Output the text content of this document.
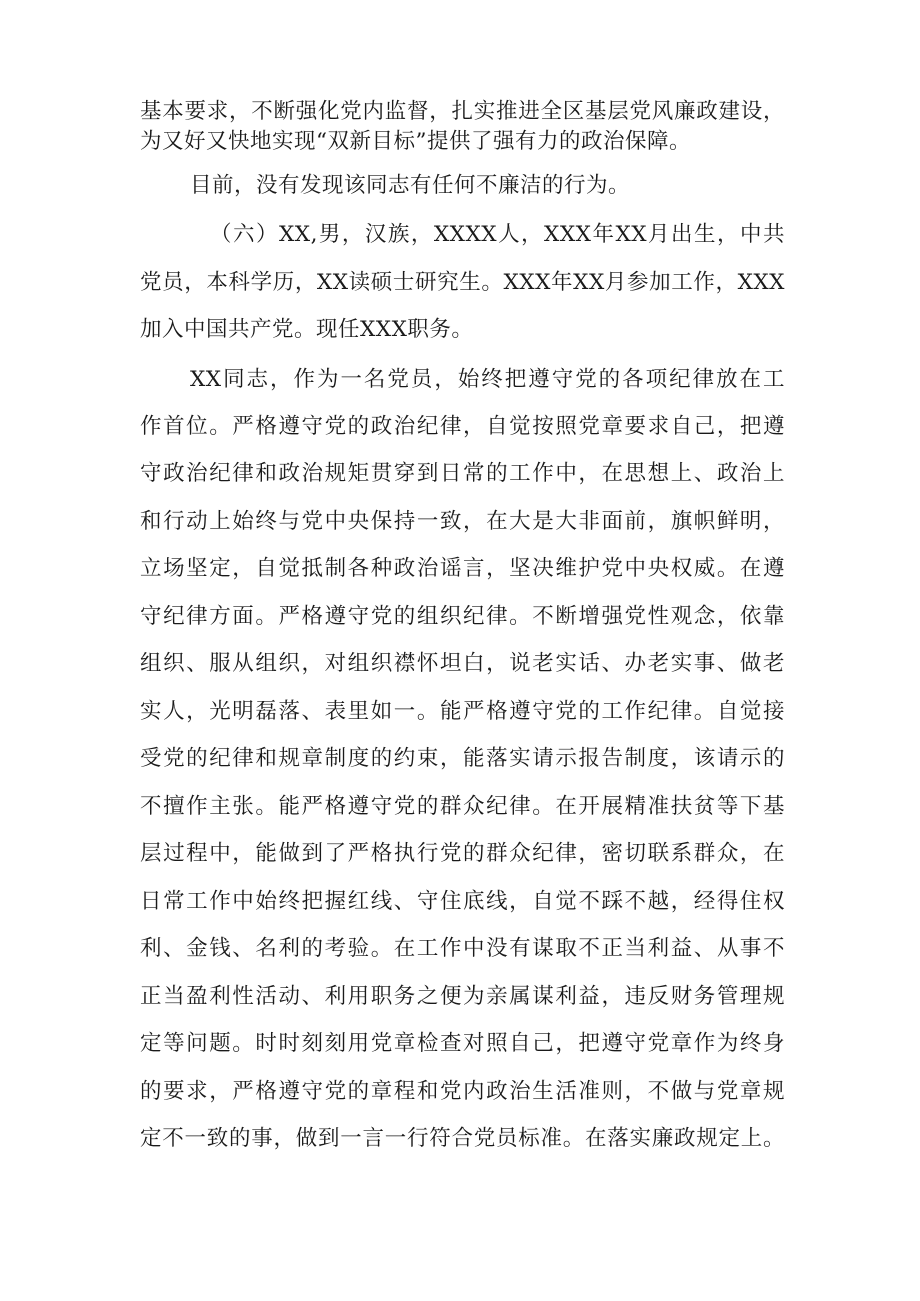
基本要求，不断强化党内监督，扎实推进全区基层党风廉政建设，
为又好又快地实现“双新目标”提供了强有力的政治保障。
目前，没有发现该同志有任何不廉洁的行为。
（六）XX,男，汉族，XXXX人，XXX年XX月出生，中共
党员，本科学历，XX读硕士研究生。XXX年XX月参加工作，XXX
加入中国共产党。现任XXX职务。
XX同志，作为一名党员，始终把遵守党的各项纪律放在工
作首位。严格遵守党的政治纪律，自觉按照党章要求自己，把遵
守政治纪律和政治规矩贯穿到日常的工作中，在思想上、政治上
和行动上始终与党中央保持一致，在大是大非面前，旗帜鲜明，
立场坚定，自觉抵制各种政治谣言，坚决维护党中央权威。在遵
守纪律方面。严格遵守党的组织纪律。不断增强党性观念，依靠
组织、服从组织，对组织襟怀坦白，说老实话、办老实事、做老
实人，光明磊落、表里如一。能严格遵守党的工作纪律。自觉接
受党的纪律和规章制度的约束，能落实请示报告制度，该请示的
不擅作主张。能严格遵守党的群众纪律。在开展精准扶贫等下基
层过程中，能做到了严格执行党的群众纪律，密切联系群众，在
日常工作中始终把握红线、守住底线，自觉不踩不越，经得住权
利、金钱、名利的考验。在工作中没有谋取不正当利益、从事不
正当盈利性活动、利用职务之便为亲属谋利益，违反财务管理规
定等问题。时时刻刻用党章检查对照自己，把遵守党章作为终身
的要求，严格遵守党的章程和党内政治生活准则，不做与党章规
定不一致的事，做到一言一行符合党员标准。在落实廉政规定上。
